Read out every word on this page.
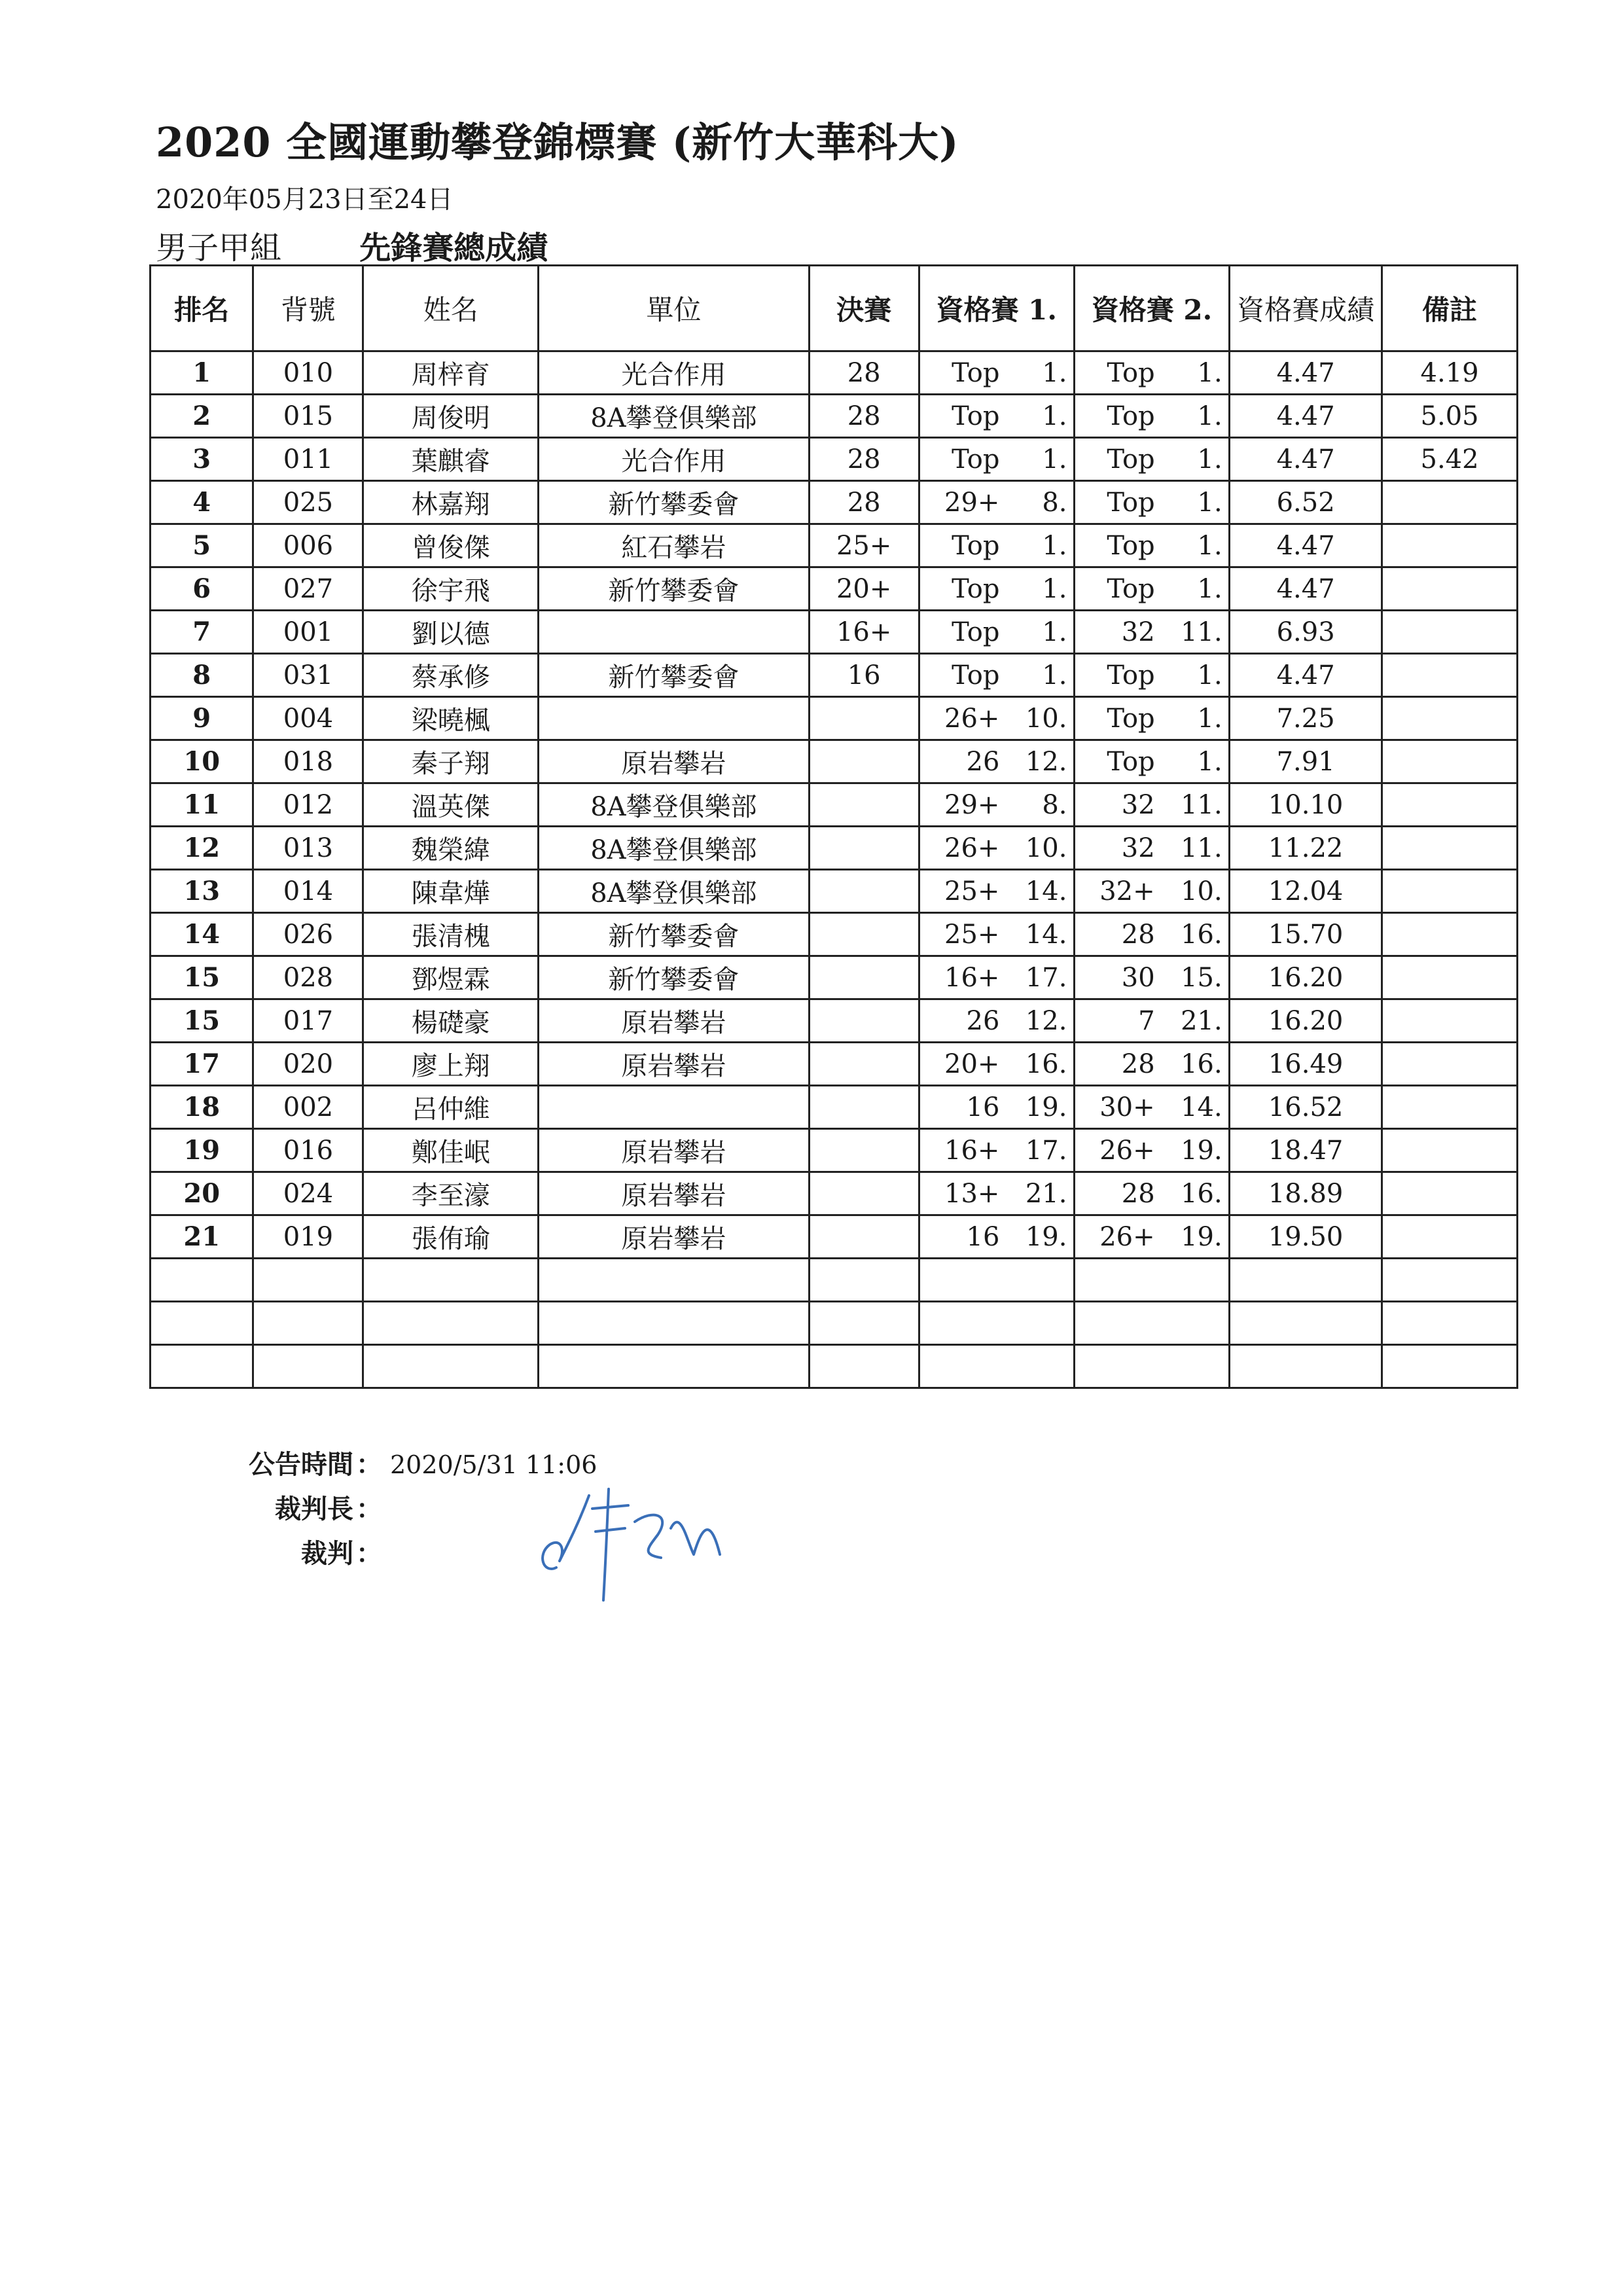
2020 全國運動攀登錦標賽 (新竹大華科大)
2020年05月23日至24日
男子甲組 先鋒賽總成績
排名	背號	姓名	單位	決賽	資格賽 1.	資格賽 2.	資格賽成績	備註
1	010	周梓育	光合作用	28	Top 1.	Top 1.	4.47	4.19
2	015	周俊明	8A攀登俱樂部	28	Top 1.	Top 1.	4.47	5.05
3	011	葉麒睿	光合作用	28	Top 1.	Top 1.	4.47	5.42
4	025	林嘉翔	新竹攀委會	28	29+ 8.	Top 1.	6.52	
5	006	曾俊傑	紅石攀岩	25+	Top 1.	Top 1.	4.47	
6	027	徐宇飛	新竹攀委會	20+	Top 1.	Top 1.	4.47	
7	001	劉以德		16+	Top 1.	32 11.	6.93	
8	031	蔡承修	新竹攀委會	16	Top 1.	Top 1.	4.47	
9	004	梁曉楓			26+ 10.	Top 1.	7.25	
10	018	秦子翔	原岩攀岩		26 12.	Top 1.	7.91	
11	012	溫英傑	8A攀登俱樂部		29+ 8.	32 11.	10.10	
12	013	魏榮緯	8A攀登俱樂部		26+ 10.	32 11.	11.22	
13	014	陳韋燁	8A攀登俱樂部		25+ 14.	32+ 10.	12.04	
14	026	張清槐	新竹攀委會		25+ 14.	28 16.	15.70	
15	028	鄧煜霖	新竹攀委會		16+ 17.	30 15.	16.20	
15	017	楊礎豪	原岩攀岩		26 12.	7 21.	16.20	
17	020	廖上翔	原岩攀岩		20+ 16.	28 16.	16.49	
18	002	呂仲維			16 19.	30+ 14.	16.52	
19	016	鄭佳岷	原岩攀岩		16+ 17.	26+ 19.	18.47	
20	024	李至濠	原岩攀岩		13+ 21.	28 16.	18.89	
21	019	張侑瑜	原岩攀岩		16 19.	26+ 19.	19.50	

公告時間 ： 2020/5/31 11:06
裁判長 ：
裁判 ：
